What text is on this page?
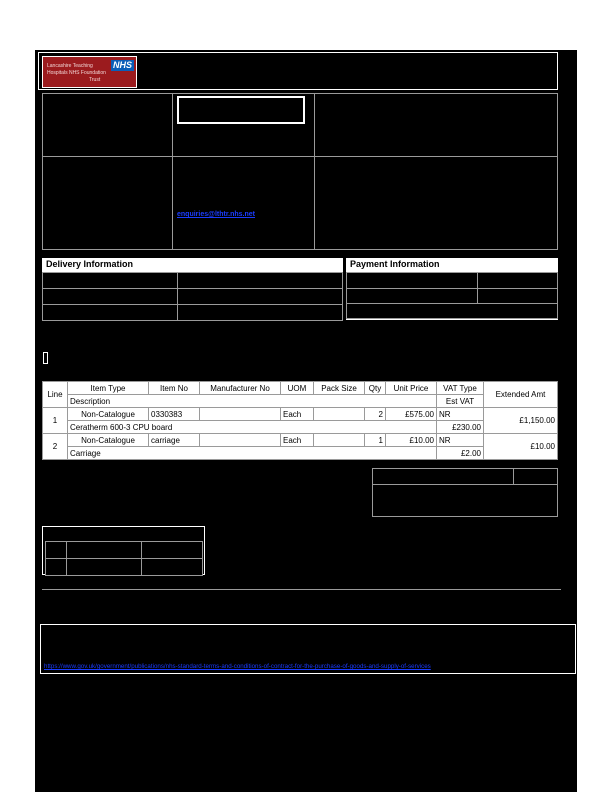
NHS
Lancashire Teaching
Hospitals NHS Foundation
Trust
enquiries@lthtr.nhs.net
Delivery Information

		Payment Information

Line	Item Type	Item No	Manufacturer No	UOM	Pack Size	Qty	Unit Price	VAT Type	Extended Amt
	Description							Est VAT	
1	Non-Catalogue	0330383		Each		2	£575.00	NR	£1,150.00
	Ceratherm 600-3 CPU board							£230.00	
2	Non-Catalogue	carriage		Each		1	£10.00	NR	£10.00
	Carriage							£2.00	

https://www.gov.uk/government/publications/nhs-standard-terms-and-conditions-of-contract-for-the-purchase-of-goods-and-supply-of-services
